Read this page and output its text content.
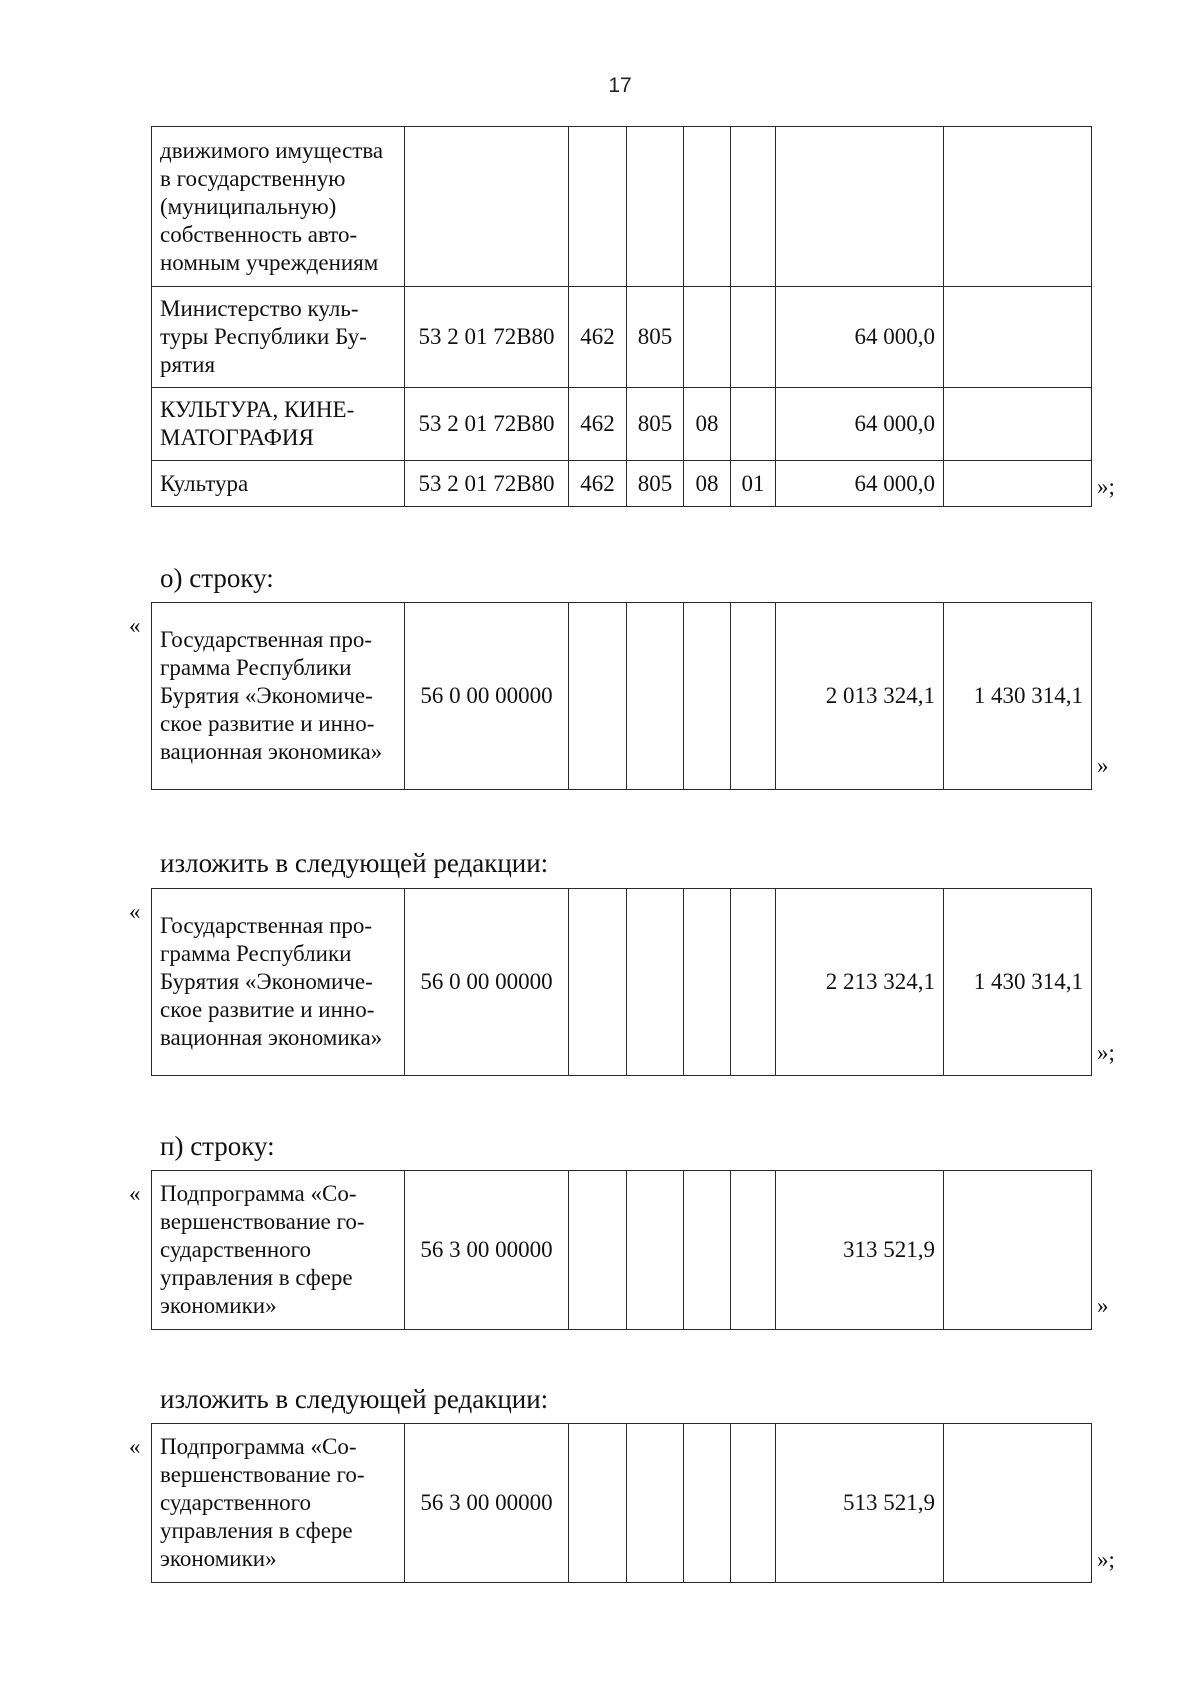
17
движимого имущества в государственную (муниципальную) собственность автономным учреждениям							
Министерство культуры Республики Бурятия	53 2 01 72В80	462	805			64 000,0	
КУЛЬТУРА, КИНЕМАТОГРАФИЯ	53 2 01 72В80	462	805	08		64 000,0	
Культура	53 2 01 72В80	462	805	08	01	64 000,0		»;
о) строку:
«
Государственная программа Республики Бурятия «Экономическое развитие и инновационная экономика»	56 0 00 00000					2 013 324,1	1 430 314,1
»
изложить в следующей редакции:
«
Государственная программа Республики Бурятия «Экономическое развитие и инновационная экономика»	56 0 00 00000					2 213 324,1	1 430 314,1
»;
п) строку:
« Подпрограмма «Совершенствование государственного управления в сфере экономики»	56 3 00 00000					313 521,9	
»
изложить в следующей редакции:
« Подпрограмма «Совершенствование государственного управления в сфере экономики»	56 3 00 00000					513 521,9	
»;
